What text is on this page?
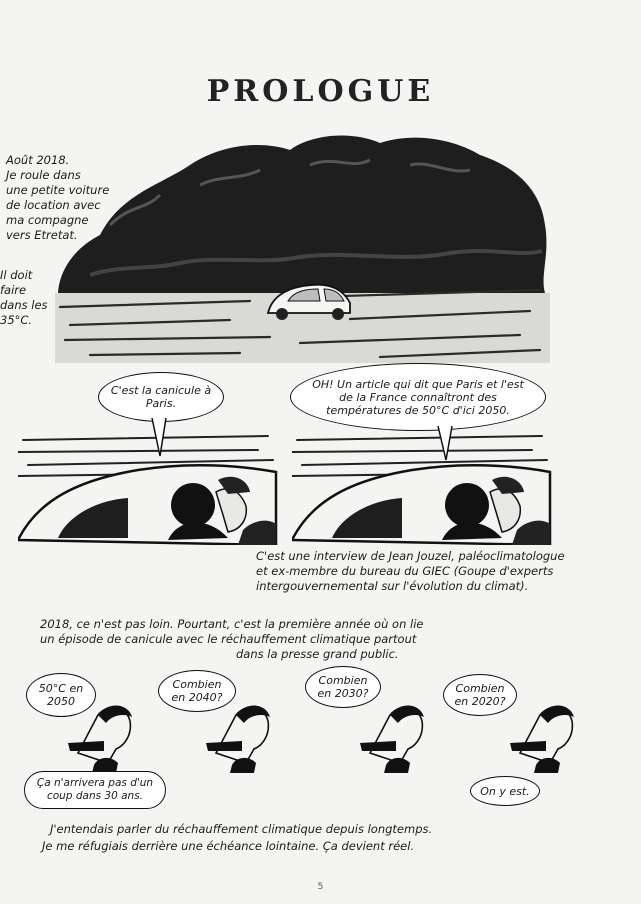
PROLOGUE
Août 2018.
Je roule dans
une petite voiture
de location avec
ma compagne
vers Etretat.
Il doit
faire
dans les
35°C.
C'est la canicule à Paris.
OH! Un article qui dit que Paris et l'est de la France connaîtront des températures de 50°C d'ici 2050.
C'est une interview de Jean Jouzel, paléoclimatologue
et ex-membre du bureau du GIEC (Goupe d'experts
intergouvernemental sur l'évolution du climat).
2018, ce n'est pas loin. Pourtant, c'est la première année où on lie
un épisode de canicule avec le réchauffement climatique partout
dans la presse grand public.
50°C en 2050
Combien en 2040?
Combien en 2030?	Combien en 2020?
Ça n'arrivera pas d'un coup dans 30 ans.	On y est.
J'entendais parler du réchauffement climatique depuis longtemps.
Je me réfugiais derrière une échéance lointaine. Ça devient réel.
5
